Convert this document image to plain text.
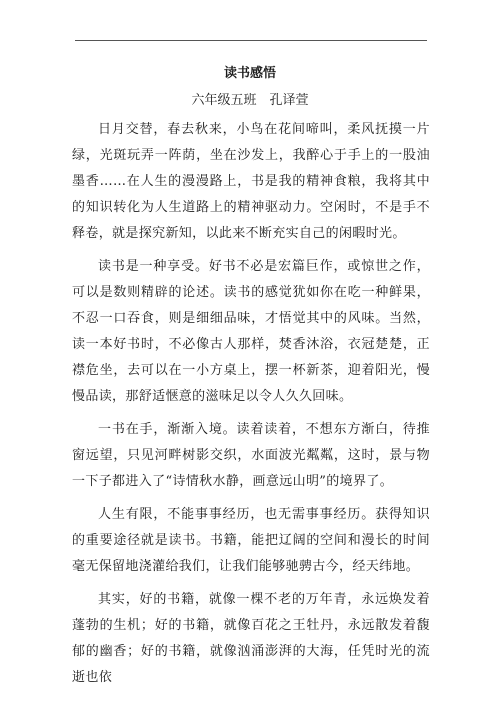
读书感悟
六年级五班　孔译萱

日月交替，春去秋来，小鸟在花间啼叫，柔风抚摸一片绿，光斑玩弄一阵荫，坐在沙发上，我醉心于手上的一股油墨香……在人生的漫漫路上，书是我的精神食粮，我将其中的知识转化为人生道路上的精神驱动力。空闲时，不是手不释卷，就是探究新知，以此来不断充实自己的闲暇时光。

读书是一种享受。好书不必是宏篇巨作，或惊世之作，可以是数则精辟的论述。读书的感觉犹如你在吃一种鲜果，不忍一口吞食，则是细细品味，才悟觉其中的风味。当然，读一本好书时，不必像古人那样，焚香沐浴，衣冠楚楚，正襟危坐，去可以在一小方桌上，摆一杯新茶，迎着阳光，慢慢品读，那舒适惬意的滋味足以令人久久回味。

一书在手，渐渐入境。读着读着，不想东方渐白，待推窗远望，只见河畔树影交织，水面波光粼粼，这时，景与物一下子都进入了“诗情秋水静，画意远山明”的境界了。

人生有限，不能事事经历，也无需事事经历。获得知识的重要途径就是读书。书籍，能把辽阔的空间和漫长的时间毫无保留地浇灌给我们，让我们能够驰骋古今，经天纬地。

其实，好的书籍，就像一棵不老的万年青，永远焕发着蓬勃的生机；好的书籍，就像百花之王牡丹，永远散发着馥郁的幽香；好的书籍，就像汹涌澎湃的大海，任凭时光的流逝也依
